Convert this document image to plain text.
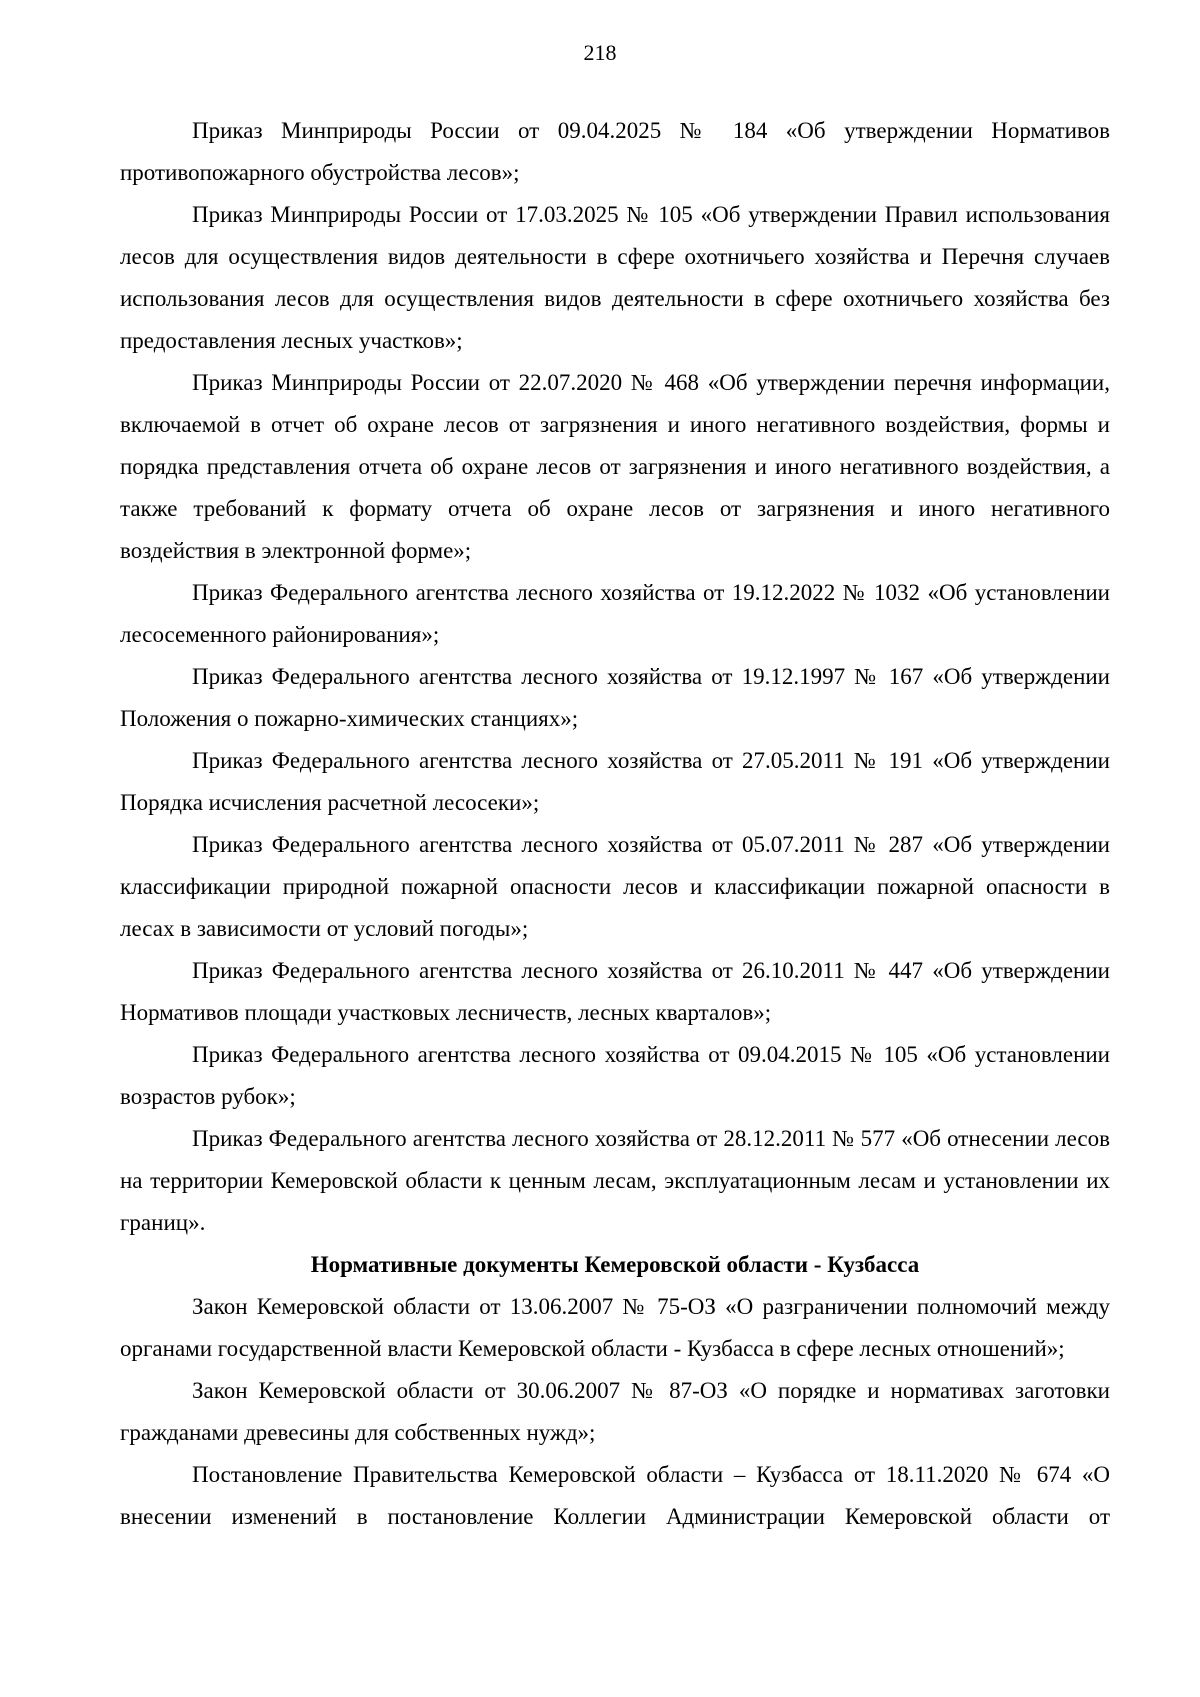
218

Приказ Минприроды России от 09.04.2025 № 184 «Об утверждении Нормативов противопожарного обустройства лесов»;

Приказ Минприроды России от 17.03.2025 № 105 «Об утверждении Правил использования лесов для осуществления видов деятельности в сфере охотничьего хозяйства и Перечня случаев использования лесов для осуществления видов деятельности в сфере охотничьего хозяйства без предоставления лесных участков»;

Приказ Минприроды России от 22.07.2020 № 468 «Об утверждении перечня информации, включаемой в отчет об охране лесов от загрязнения и иного негативного воздействия, формы и порядка представления отчета об охране лесов от загрязнения и иного негативного воздействия, а также требований к формату отчета об охране лесов от загрязнения и иного негативного воздействия в электронной форме»;

Приказ Федерального агентства лесного хозяйства от 19.12.2022 № 1032 «Об установлении лесосеменного районирования»;

Приказ Федерального агентства лесного хозяйства от 19.12.1997 № 167 «Об утверждении Положения о пожарно-химических станциях»;

Приказ Федерального агентства лесного хозяйства от 27.05.2011 № 191 «Об утверждении Порядка исчисления расчетной лесосеки»;

Приказ Федерального агентства лесного хозяйства от 05.07.2011 № 287 «Об утверждении классификации природной пожарной опасности лесов и классификации пожарной опасности в лесах в зависимости от условий погоды»;

Приказ Федерального агентства лесного хозяйства от 26.10.2011 № 447 «Об утверждении Нормативов площади участковых лесничеств, лесных кварталов»;

Приказ Федерального агентства лесного хозяйства от 09.04.2015 № 105 «Об установлении возрастов рубок»;

Приказ Федерального агентства лесного хозяйства от 28.12.2011 № 577 «Об отнесении лесов на территории Кемеровской области к ценным лесам, эксплуатационным лесам и установлении их границ».

Нормативные документы Кемеровской области - Кузбасса

Закон Кемеровской области от 13.06.2007 № 75-ОЗ «О разграничении полномочий между органами государственной власти Кемеровской области - Кузбасса в сфере лесных отношений»;

Закон Кемеровской области от 30.06.2007 № 87-ОЗ «О порядке и нормативах заготовки гражданами древесины для собственных нужд»;

Постановление Правительства Кемеровской области – Кузбасса от 18.11.2020 № 674 «О внесении изменений в постановление Коллегии Администрации Кемеровской области от
